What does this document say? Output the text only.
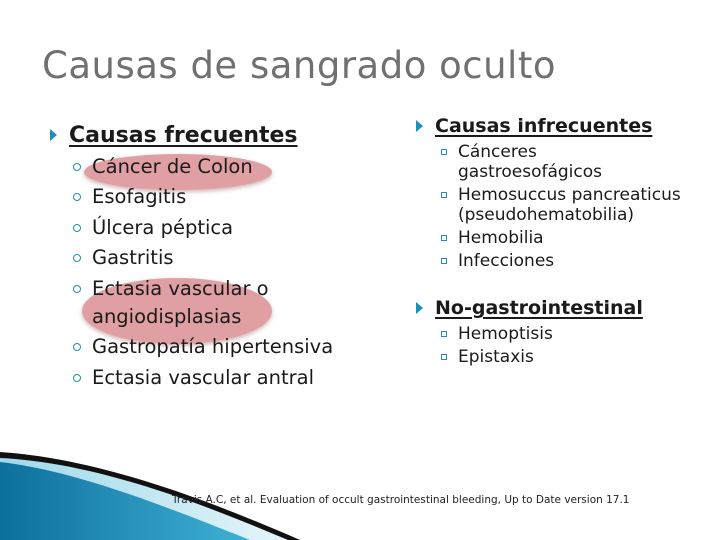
Causas de sangrado oculto
Causas frecuentes
Cáncer de Colon
Esofagitis
Úlcera péptica
Gastritis
Ectasia vascular o angiodisplasias
Gastropatía hipertensiva
Ectasia vascular antral
Causas infrecuentes
Cánceres gastroesofágicos
Hemosuccus pancreaticus (pseudohematobilia)
Hemobilia
Infecciones
No-gastrointestinal
Hemoptisis
Epistaxis
Travis A.C, et al. Evaluation of occult gastrointestinal bleeding, Up to Date version 17.1
